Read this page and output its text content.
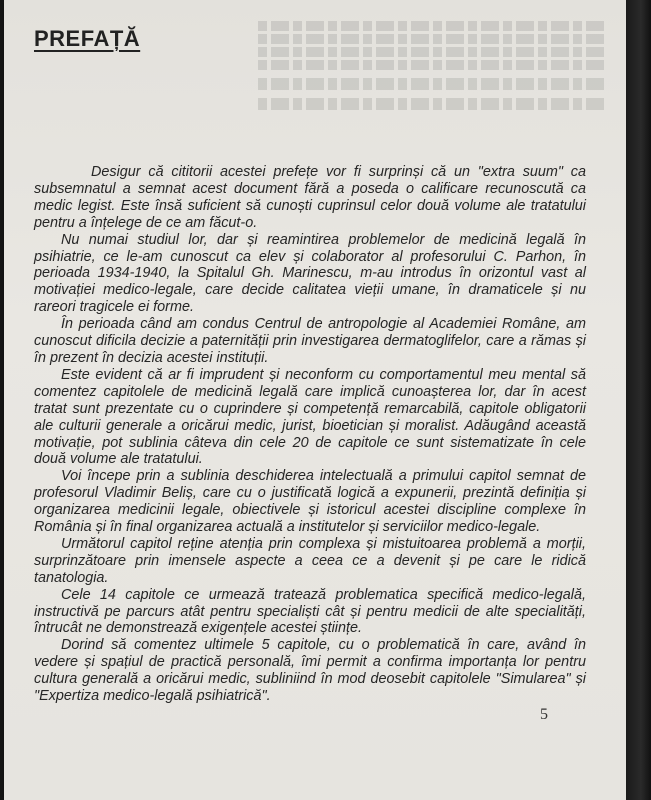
PREFAȚĂ

Desigur că cititorii acestei prefețe vor fi surprinși că un "extra suum" ca subsemnatul a semnat acest document fără a poseda o calificare recunoscută ca medic legist. Este însă suficient să cunoști cuprinsul celor două volume ale tratatului pentru a înțelege de ce am făcut-o.

Nu numai studiul lor, dar și reamintirea problemelor de medicină legală în psihiatrie, ce le-am cunoscut ca elev și colaborator al profesorului C. Parhon, în perioada 1934-1940, la Spitalul Gh. Marinescu, m-au introdus în orizontul vast al motivației medico-legale, care decide calitatea vieții umane, în dramaticele și nu rareori tragicele ei forme.

În perioada când am condus Centrul de antropologie al Academiei Române, am cunoscut dificila decizie a paternității prin investigarea dermatoglifelor, care a rămas și în prezent în decizia acestei instituții.

Este evident că ar fi imprudent și neconform cu comportamentul meu mental să comentez capitolele de medicină legală care implică cunoașterea lor, dar în acest tratat sunt prezentate cu o cuprindere și competență remarcabilă, capitole obligatorii ale culturii generale a oricărui medic, jurist, bioetician și moralist. Adăugând această motivație, pot sublinia câteva din cele 20 de capitole ce sunt sistematizate în cele două volume ale tratatului.

Voi începe prin a sublinia deschiderea intelectuală a primului capitol semnat de profesorul Vladimir Beliș, care cu o justificată logică a expunerii, prezintă definiția și organizarea medicinii legale, obiectivele și istoricul acestei discipline complexe în România și în final organizarea actuală a institutelor și serviciilor medico-legale.

Următorul capitol reține atenția prin complexa și mistuitoarea problemă a morții, surprinzătoare prin imensele aspecte a ceea ce a devenit și pe care le ridică tanatologia.

Cele 14 capitole ce urmează tratează problematica specifică medico-legală, instructivă pe parcurs atât pentru specialiști cât și pentru medicii de alte specialități, întrucât ne demonstrează exigențele acestei științe.

Dorind să comentez ultimele 5 capitole, cu o problematică în care, având în vedere și spațiul de practică personală, îmi permit a confirma importanța lor pentru cultura generală a oricărui medic, subliniind în mod deosebit capitolele "Simularea" și "Expertiza medico-legală psihiatrică".

5
